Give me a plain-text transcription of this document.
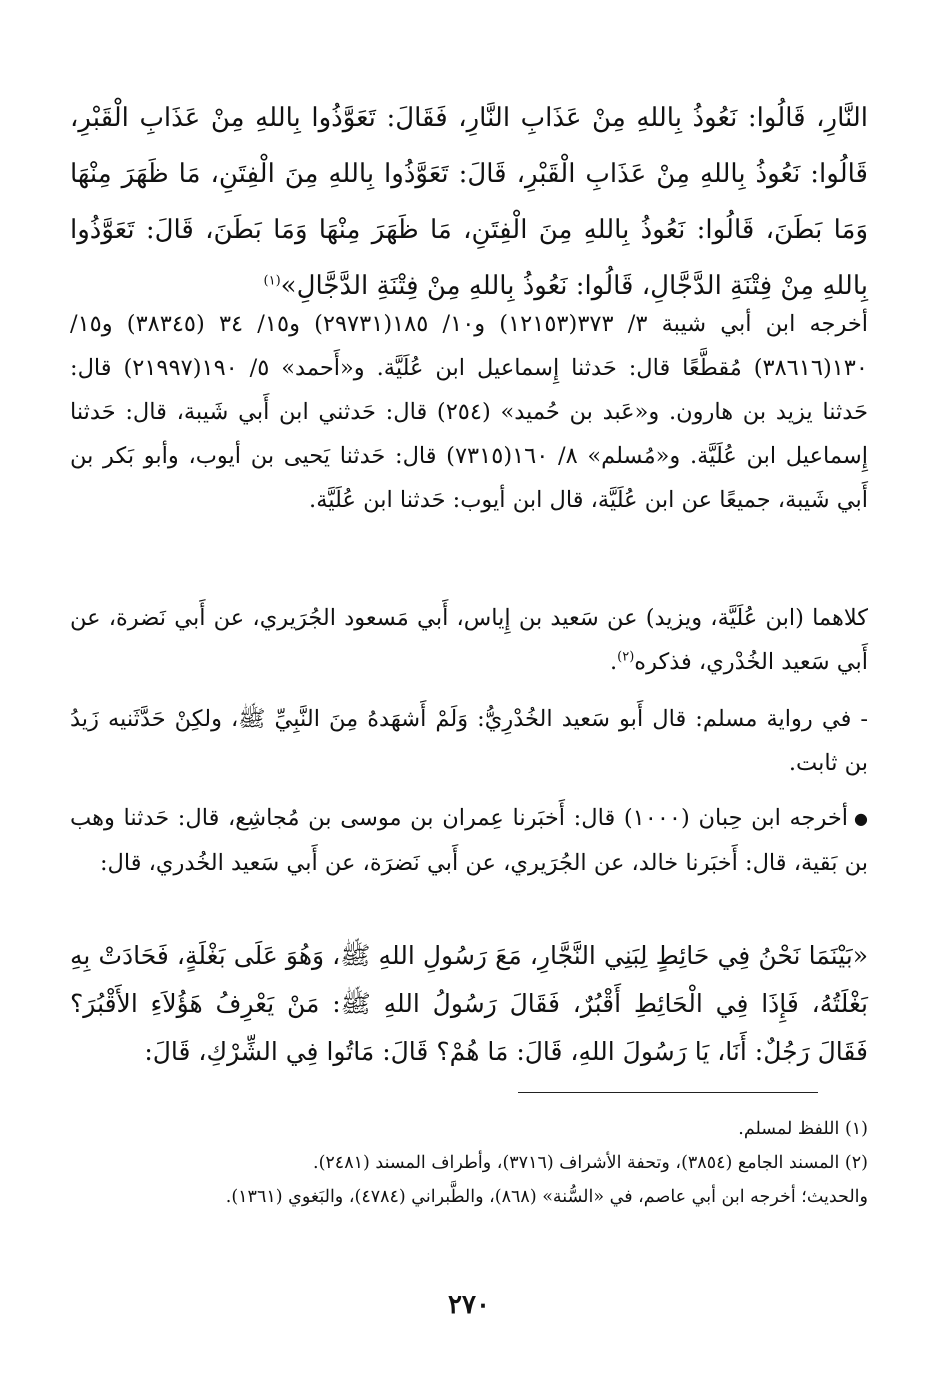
النَّارِ، قَالُوا: نَعُوذُ بِاللهِ مِنْ عَذَابِ النَّارِ، فَقَالَ: تَعَوَّذُوا بِاللهِ مِنْ عَذَابِ الْقَبْرِ، قَالُوا: نَعُوذُ بِاللهِ مِنْ عَذَابِ الْقَبْرِ، قَالَ: تَعَوَّذُوا بِاللهِ مِنَ الْفِتَنِ، مَا ظَهَرَ مِنْهَا وَمَا بَطَنَ، قَالُوا: نَعُوذُ بِاللهِ مِنَ الْفِتَنِ، مَا ظَهَرَ مِنْهَا وَمَا بَطَنَ، قَالَ: تَعَوَّذُوا بِاللهِ مِنْ فِتْنَةِ الدَّجَّالِ، قَالُوا: نَعُوذُ بِاللهِ مِنْ فِتْنَةِ الدَّجَّالِ»$^{(١)}$
أخرجه ابن أبي شيبة ٣/ ٣٧٣(١٢١٥٣) و١٠/ ١٨٥(٢٩٧٣١) و١٥/ ٣٤ (٣٨٣٤٥) و١٥/ ١٣٠(٣٨٦١٦) مُقطَّعًا قال: حَدثنا إِسماعيل ابن عُلَيَّة. و«أَحمد» ٥/ ١٩٠(٢١٩٩٧) قال: حَدثنا يزيد بن هارون. و«عَبد بن حُميد» (٢٥٤) قال: حَدثني ابن أَبي شَيبة، قال: حَدثنا إِسماعيل ابن عُلَيَّة. و«مُسلم» ٨/ ١٦٠(٧٣١٥) قال: حَدثنا يَحيى بن أيوب، وأبو بَكر بن أَبي شَيبة، جميعًا عن ابن عُلَيَّة، قال ابن أيوب: حَدثنا ابن عُلَيَّة.
كلاهما (ابن عُلَيَّة، ويزيد) عن سَعيد بن إِياس، أَبي مَسعود الجُرَيري، عن أَبي نَضرة، عن أَبي سَعيد الخُدْري، فذكره$^{(٢)}$.
- في رواية مسلم: قال أَبو سَعيد الخُدْرِيُّ: وَلَمْ أَشهَدهُ مِنَ النَّبِيِّ ﷺ، ولكِنْ حَدَّثَنيه زَيدُ بن ثابت.
●أخرجه ابن حِبان (١٠٠٠) قال: أَخبَرنا عِمران بن موسى بن مُجاشِع، قال: حَدثنا وهب بن بَقية، قال: أَخبَرنا خالد، عن الجُرَيري، عن أَبي نَضرَة، عن أَبي سَعيد الخُدري، قال:
«بَيْنَمَا نَحْنُ فِي حَائِطٍ لِبَنِي النَّجَّارِ، مَعَ رَسُولِ اللهِ ﷺ، وَهُوَ عَلَى بَغْلَةٍ، فَحَادَتْ بِهِ بَغْلَتُهُ، فَإِذَا فِي الْحَائِطِ أَقْبُرٌ، فَقَالَ رَسُولُ اللهِ ﷺ: مَنْ يَعْرِفُ هَؤُلاَءِ الأَقْبُرَ؟ فَقَالَ رَجُلٌ: أَنَا، يَا رَسُولَ اللهِ، قَالَ: مَا هُمْ؟ قَالَ: مَاتُوا فِي الشِّرْكِ، قَالَ:
(١) اللفظ لمسلم.
(٢) المسند الجامع (٣٨٥٤)، وتحفة الأشراف (٣٧١٦)، وأطراف المسند (٢٤٨١).
والحديث؛ أخرجه ابن أبي عاصم، في «السُّنة» (٨٦٨)، والطَّبراني (٤٧٨٤)، والبَغوي (١٣٦١).
٢٧٠
